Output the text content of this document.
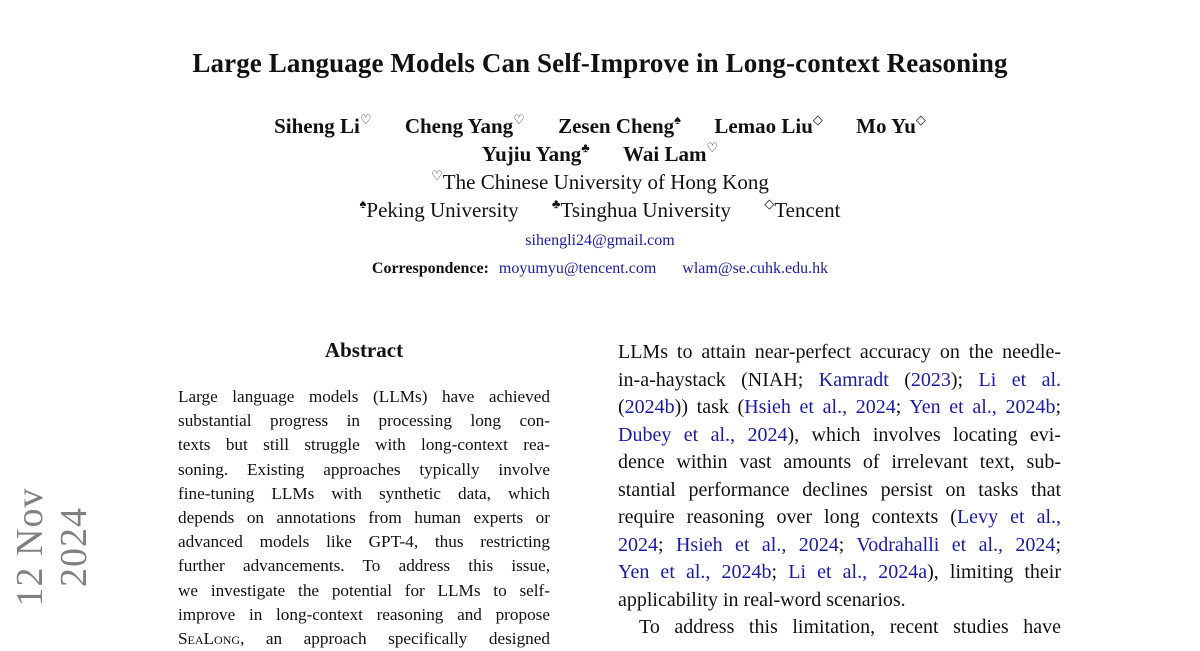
Large Language Models Can Self-Improve in Long-context Reasoning
Siheng Li♡ Cheng Yang♡ Zesen Cheng♠ Lemao Liu◇ Mo Yu◇
Yujiu Yang♣ Wai Lam♡
♡The Chinese University of Hong Kong
♠Peking University	♣Tsinghua University	◇Tencent
sihengli24@gmail.com
Correspondence: moyumyu@tencent.com wlam@se.cuhk.edu.hk
12 Nov 2024
Abstract
Large language models (LLMs) have achieved
substantial progress in processing long con-
texts but still struggle with long-context rea-
soning. Existing approaches typically involve
fine-tuning LLMs with synthetic data, which
depends on annotations from human experts or
advanced models like GPT-4, thus restricting
further advancements. To address this issue,
we investigate the potential for LLMs to self-
improve in long-context reasoning and propose
SeaLong, an approach specifically designed
LLMs to attain near-perfect accuracy on the needle-
in-a-haystack (NIAH; Kamradt (2023); Li et al.
(2024b)) task (Hsieh et al., 2024; Yen et al., 2024b;
Dubey et al., 2024), which involves locating evi-
dence within vast amounts of irrelevant text, sub-
stantial performance declines persist on tasks that
require reasoning over long contexts (Levy et al.,
2024; Hsieh et al., 2024; Vodrahalli et al., 2024;
Yen et al., 2024b; Li et al., 2024a), limiting their
applicability in real-word scenarios.
To address this limitation, recent studies have
